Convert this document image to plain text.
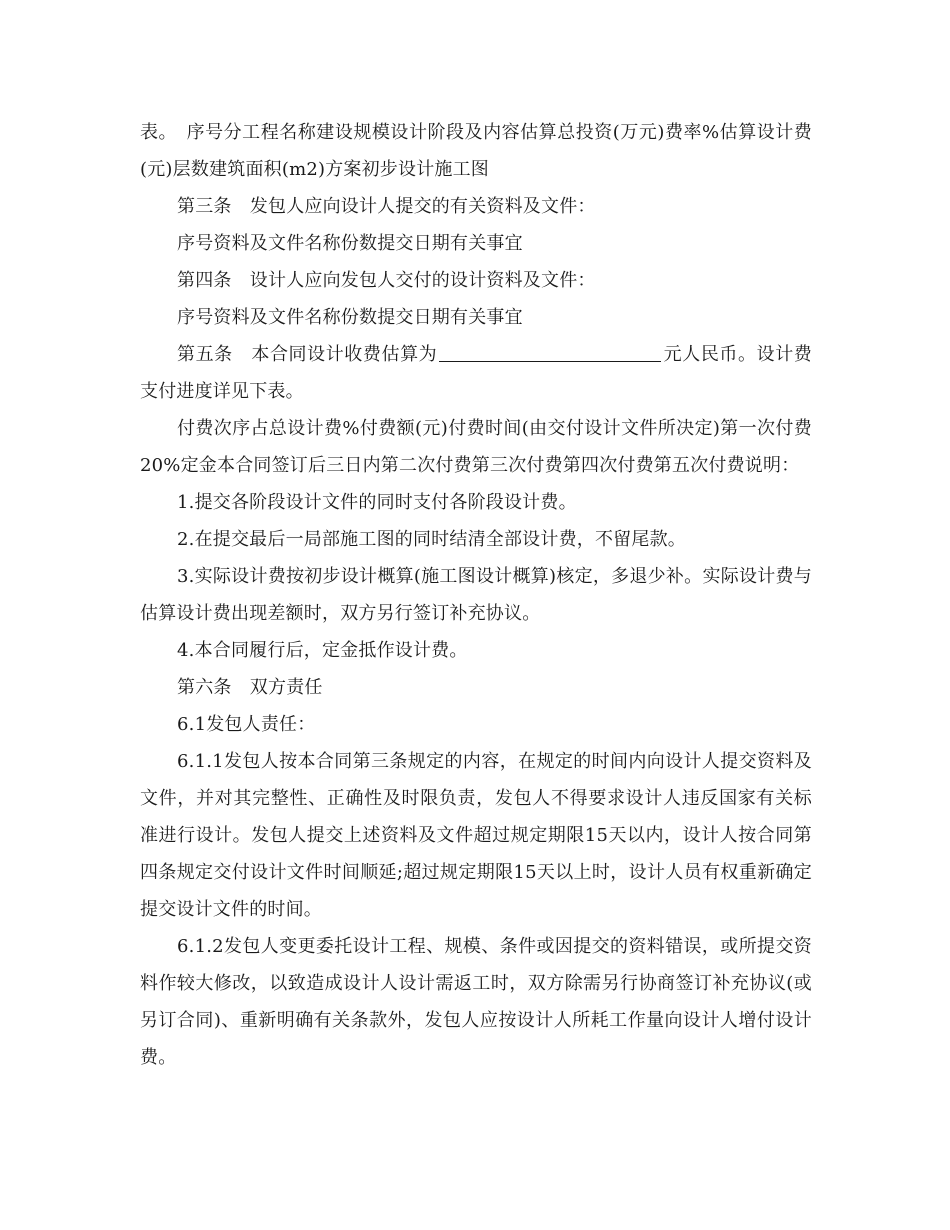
表。　序号分工程名称建设规模设计阶段及内容估算总投资(万元)费率%估算设计费(元)层数建筑面积(m2)方案初步设计施工图

第三条　发包人应向设计人提交的有关资料及文件：

序号资料及文件名称份数提交日期有关事宜

第四条　设计人应向发包人交付的设计资料及文件：

序号资料及文件名称份数提交日期有关事宜

第五条　本合同设计收费估算为	元人民币。设计费支付进度详见下表。

付费次序占总设计费%付费额(元)付费时间(由交付设计文件所决定)第一次付费20%定金本合同签订后三日内第二次付费第三次付费第四次付费第五次付费说明：

1.提交各阶段设计文件的同时支付各阶段设计费。

2.在提交最后一局部施工图的同时结清全部设计费，不留尾款。

3.实际设计费按初步设计概算(施工图设计概算)核定，多退少补。实际设计费与估算设计费出现差额时，双方另行签订补充协议。

4.本合同履行后，定金抵作设计费。

第六条　双方责任

6.1发包人责任：

6.1.1发包人按本合同第三条规定的内容，在规定的时间内向设计人提交资料及文件，并对其完整性、正确性及时限负责，发包人不得要求设计人违反国家有关标准进行设计。发包人提交上述资料及文件超过规定期限15天以内，设计人按合同第四条规定交付设计文件时间顺延;超过规定期限15天以上时，设计人员有权重新确定提交设计文件的时间。

6.1.2发包人变更委托设计工程、规模、条件或因提交的资料错误，或所提交资料作较大修改，以致造成设计人设计需返工时，双方除需另行协商签订补充协议(或另订合同)、重新明确有关条款外，发包人应按设计人所耗工作量向设计人增付设计费。
